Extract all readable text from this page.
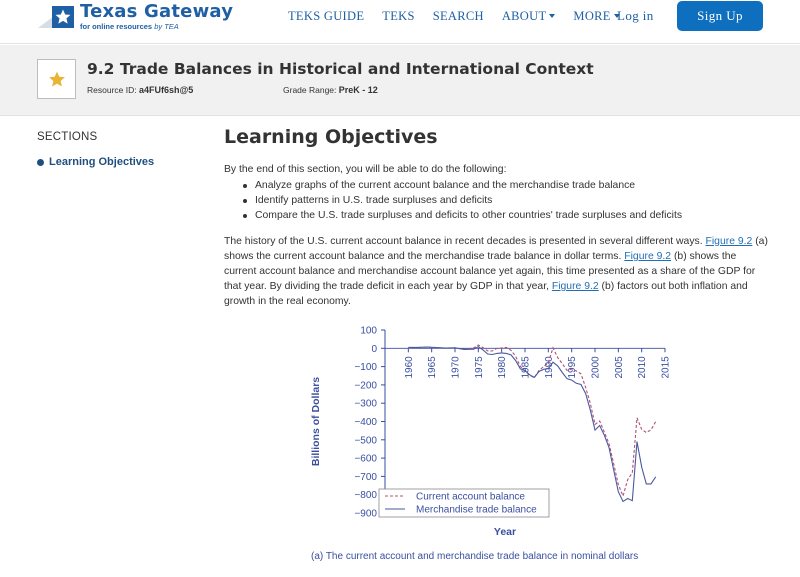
Texas Gateway
for online resources by TEA
TEKS GUIDE TEKS SEARCH ABOUT	MORE Log in	Sign Up
9.2 Trade Balances in Historical and International Context
Resource ID: a4FUf6sh@5	Grade Range: PreK - 12
SECTIONS
Learning Objectives
Learning Objectives
By the end of this section, you will be able to do the following:
Analyze graphs of the current account balance and the merchandise trade balance
Identify patterns in U.S. trade surpluses and deficits
Compare the U.S. trade surpluses and deficits to other countries' trade surpluses and deficits
The history of the U.S. current account balance in recent decades is presented in several different ways. Figure 9.2 (a) shows the current account balance and the merchandise trade balance in dollar terms. Figure 9.2 (b) shows the current account balance and merchandise account balance yet again, this time presented as a share of the GDP for that year. By dividing the trade deficit in each year by GDP in that year, Figure 9.2 (b) factors out both inflation and growth in the real economy.
100
0
−100
−200
−300
−400
−500
−600
−700
−800
−900
1960 1965 1970 1975 1980 1985 1990 1995 2000 2005 2010 2015
Billions of Dollars
Year
Current account balance
Merchandise trade balance
(a) The current account and merchandise trade balance in nominal dollars
